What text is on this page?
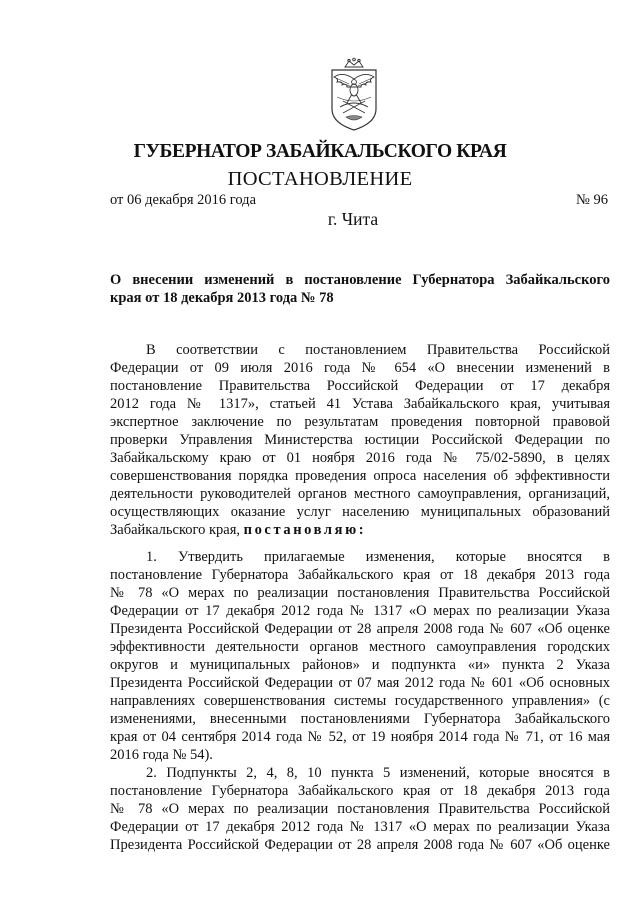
ГУБЕРНАТОР ЗАБАЙКАЛЬСКОГО КРАЯ
ПОСТАНОВЛЕНИЕ
от 06 декабря 2016 года	№ 96
г. Чита
О внесении изменений в постановление Губернатора Забайкальского
края от 18 декабря 2013 года № 78
В соответствии с постановлением Правительства Российской
Федерации от 09 июля 2016 года № 654 «О внесении изменений в
постановление Правительства Российской Федерации от 17 декабря
2012 года № 1317», статьей 41 Устава Забайкальского края, учитывая
экспертное заключение по результатам проведения повторной правовой
проверки Управления Министерства юстиции Российской Федерации по
Забайкальскому краю от 01 ноября 2016 года № 75/02-5890, в целях
совершенствования порядка проведения опроса населения об эффективности
деятельности руководителей органов местного самоуправления, организаций,
осуществляющих оказание услуг населению муниципальных образований
Забайкальского края, постановляю:
1. Утвердить прилагаемые изменения, которые вносятся в
постановление Губернатора Забайкальского края от 18 декабря 2013 года
№ 78 «О мерах по реализации постановления Правительства Российской
Федерации от 17 декабря 2012 года № 1317 «О мерах по реализации Указа
Президента Российской Федерации от 28 апреля 2008 года № 607 «Об оценке
эффективности деятельности органов местного самоуправления городских
округов и муниципальных районов» и подпункта «и» пункта 2 Указа
Президента Российской Федерации от 07 мая 2012 года № 601 «Об основных
направлениях совершенствования системы государственного управления» (с
изменениями, внесенными постановлениями Губернатора Забайкальского
края от 04 сентября 2014 года № 52, от 19 ноября 2014 года № 71, от 16 мая
2016 года № 54).
2. Подпункты 2, 4, 8, 10 пункта 5 изменений, которые вносятся в
постановление Губернатора Забайкальского края от 18 декабря 2013 года
№ 78 «О мерах по реализации постановления Правительства Российской
Федерации от 17 декабря 2012 года № 1317 «О мерах по реализации Указа
Президента Российской Федерации от 28 апреля 2008 года № 607 «Об оценке
